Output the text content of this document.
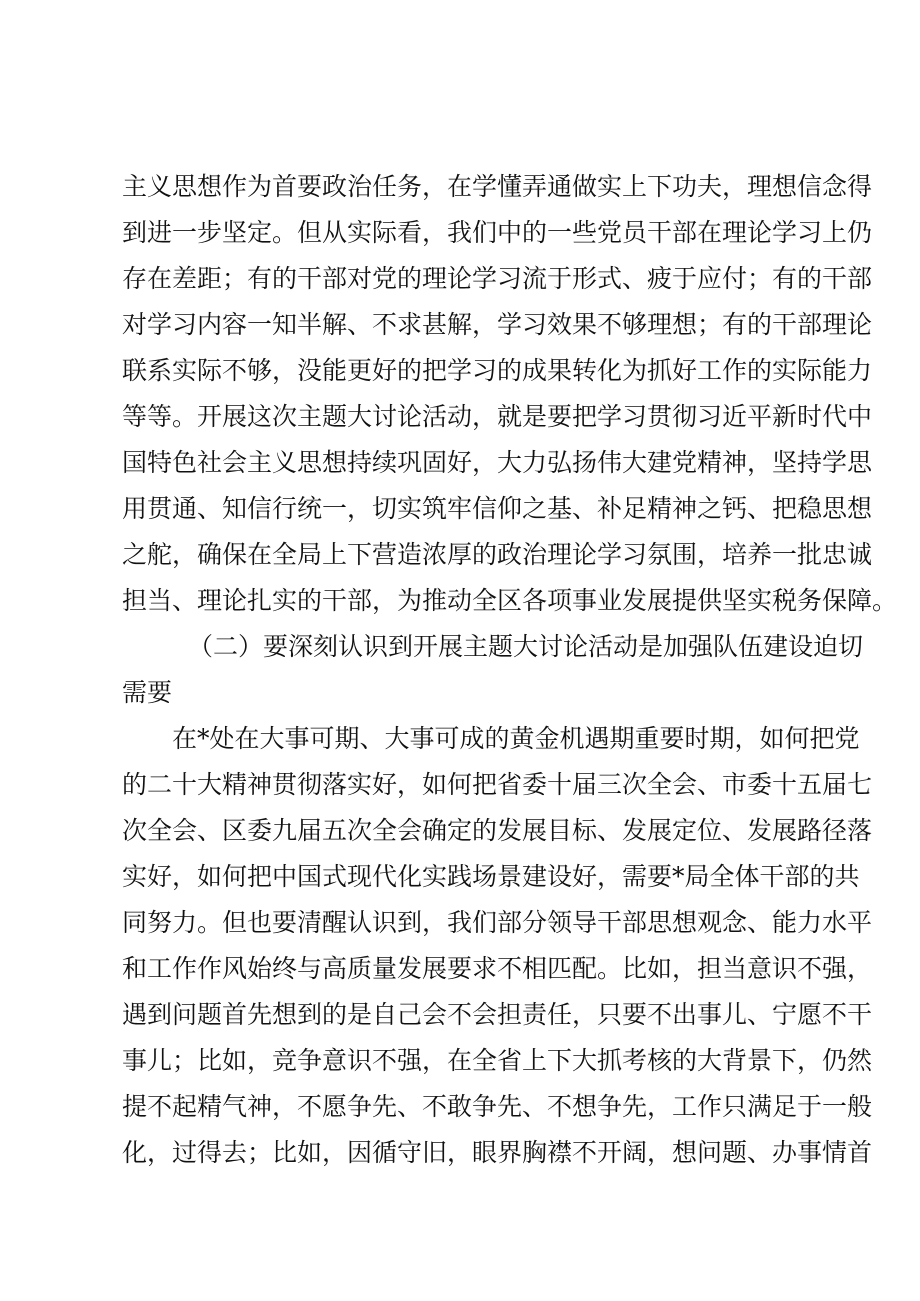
主义思想作为首要政治任务，在学懂弄通做实上下功夫，理想信念得
到进一步坚定。但从实际看，我们中的一些党员干部在理论学习上仍
存在差距；有的干部对党的理论学习流于形式、疲于应付；有的干部
对学习内容一知半解、不求甚解，学习效果不够理想；有的干部理论
联系实际不够，没能更好的把学习的成果转化为抓好工作的实际能力
等等。开展这次主题大讨论活动，就是要把学习贯彻习近平新时代中
国特色社会主义思想持续巩固好，大力弘扬伟大建党精神，坚持学思
用贯通、知信行统一，切实筑牢信仰之基、补足精神之钙、把稳思想
之舵，确保在全局上下营造浓厚的政治理论学习氛围，培养一批忠诚
担当、理论扎实的干部，为推动全区各项事业发展提供坚实税务保障。
（二）要深刻认识到开展主题大讨论活动是加强队伍建设迫切
需要
在*处在大事可期、大事可成的黄金机遇期重要时期，如何把党
的二十大精神贯彻落实好，如何把省委十届三次全会、市委十五届七
次全会、区委九届五次全会确定的发展目标、发展定位、发展路径落
实好，如何把中国式现代化实践场景建设好，需要*局全体干部的共
同努力。但也要清醒认识到，我们部分领导干部思想观念、能力水平
和工作作风始终与高质量发展要求不相匹配。比如，担当意识不强，
遇到问题首先想到的是自己会不会担责任，只要不出事儿、宁愿不干
事儿；比如，竞争意识不强，在全省上下大抓考核的大背景下，仍然
提不起精气神，不愿争先、不敢争先、不想争先，工作只满足于一般
化，过得去；比如，因循守旧，眼界胸襟不开阔，想问题、办事情首
